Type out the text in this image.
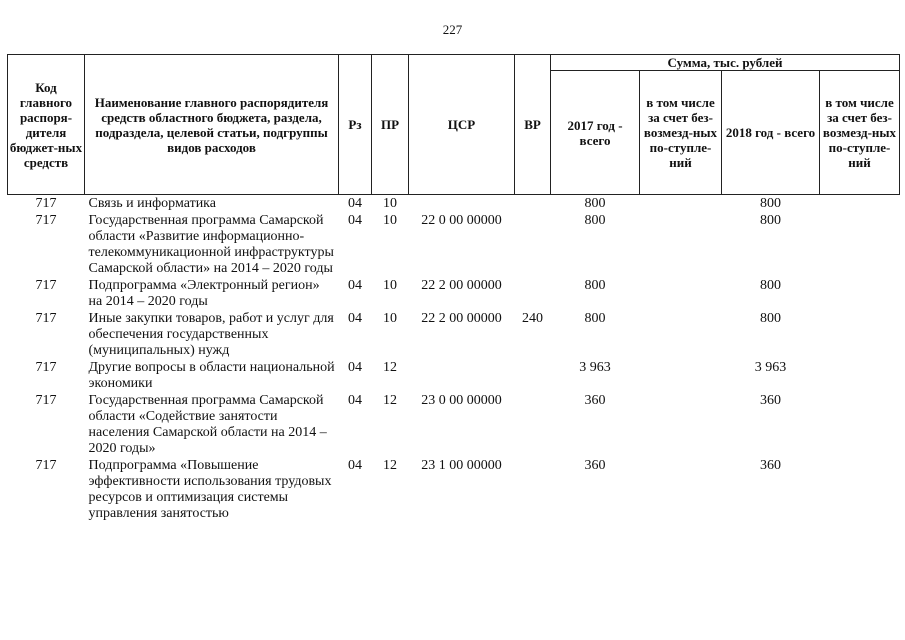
227
Код главного распоря-дителя бюджет-ных средств	Наименование главного распорядителя средств областного бюджета, раздела, подраздела, целевой статьи, подгруппы видов расходов	Рз	ПР	ЦСР	ВР	Сумма, тыс. рублей			
						2017 год - всего	в том числе за счет без-возмезд-ных по-ступле-ний	2018 год - всего	в том числе за счет без-возмезд-ных по-ступле-ний
717	Связь и информатика	04	10			800		800	
717	Государственная программа Самарской области «Развитие информационно-телекоммуникационной инфраструктуры Самарской области» на 2014 – 2020 годы	04	10	22 0 00 00000		800		800	
717	Подпрограмма «Электронный регион» на 2014 – 2020 годы	04	10	22 2 00 00000		800		800	
717	Иные закупки товаров, работ и услуг для обеспечения государственных (муниципальных) нужд	04	10	22 2 00 00000	240	800		800	
717	Другие вопросы в области национальной экономики	04	12			3 963		3 963	
717	Государственная программа Самарской области «Содействие занятости населения Самарской области на 2014 – 2020 годы»	04	12	23 0 00 00000		360		360	
717	Подпрограмма «Повышение эффективности использования трудовых ресурсов и оптимизация системы управления занятостью	04	12	23 1 00 00000		360		360	
